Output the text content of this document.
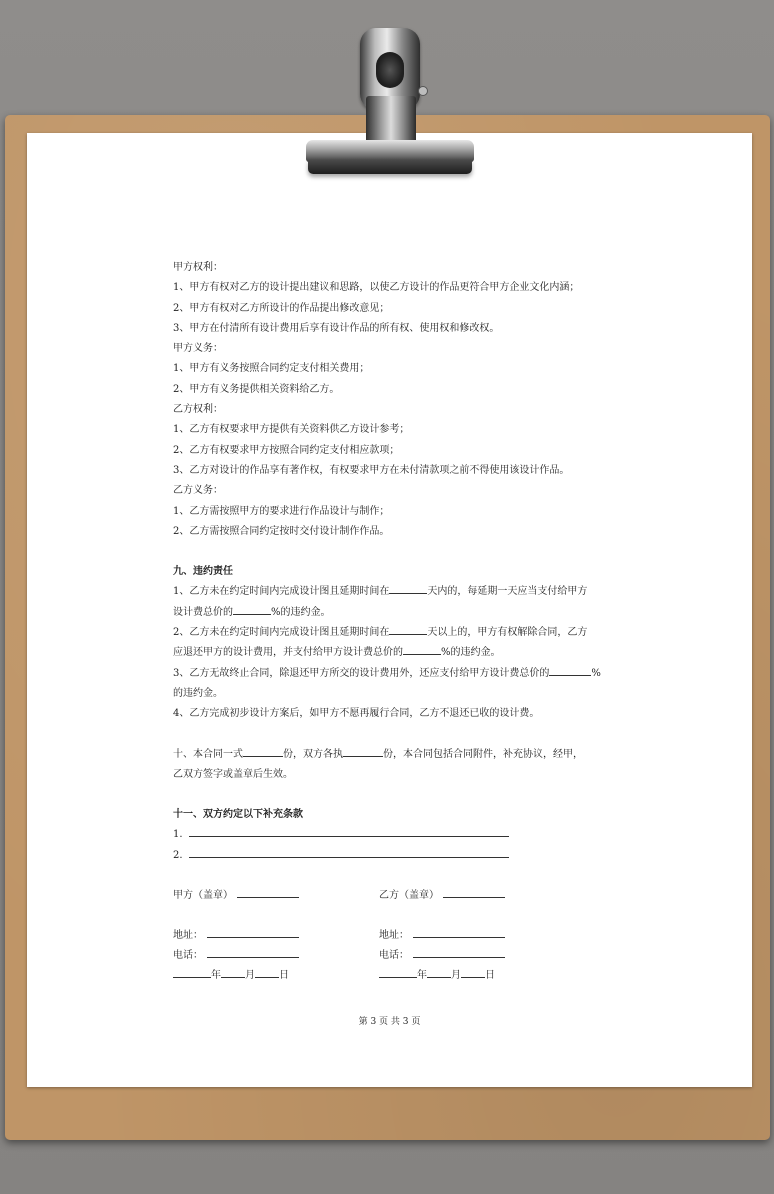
甲方权利：
1、甲方有权对乙方的设计提出建议和思路，以使乙方设计的作品更符合甲方企业文化内涵；
2、甲方有权对乙方所设计的作品提出修改意见；
3、甲方在付清所有设计费用后享有设计作品的所有权、使用权和修改权。
甲方义务：
1、甲方有义务按照合同约定支付相关费用；
2、甲方有义务提供相关资料给乙方。
乙方权利：
1、乙方有权要求甲方提供有关资料供乙方设计参考；
2、乙方有权要求甲方按照合同约定支付相应款项；
3、乙方对设计的作品享有著作权，有权要求甲方在未付清款项之前不得使用该设计作品。
乙方义务：
1、乙方需按照甲方的要求进行作品设计与制作；
2、乙方需按照合同约定按时交付设计制作作品。
九、违约责任
1、乙方未在约定时间内完成设计图且延期时间在	天内的，每延期一天应当支付给甲方
设计费总价的	%的违约金。
2、乙方未在约定时间内完成设计图且延期时间在	天以上的，甲方有权解除合同，乙方
应退还甲方的设计费用，并支付给甲方设计费总价的	%的违约金。
3、乙方无故终止合同，除退还甲方所交的设计费用外，还应支付给甲方设计费总价的	%
的违约金。
4、乙方完成初步设计方案后，如甲方不愿再履行合同，乙方不退还已收的设计费。
十、本合同一式	份，双方各执	份，本合同包括合同附件，补充协议，经甲，
乙双方签字或盖章后生效。
十一、双方约定以下补充条款
1.
2.
甲方（盖章）	乙方（盖章）
地址：	地址：
电话：	电话：
年 月 日	年 月 日
第 3 页 共 3 页
